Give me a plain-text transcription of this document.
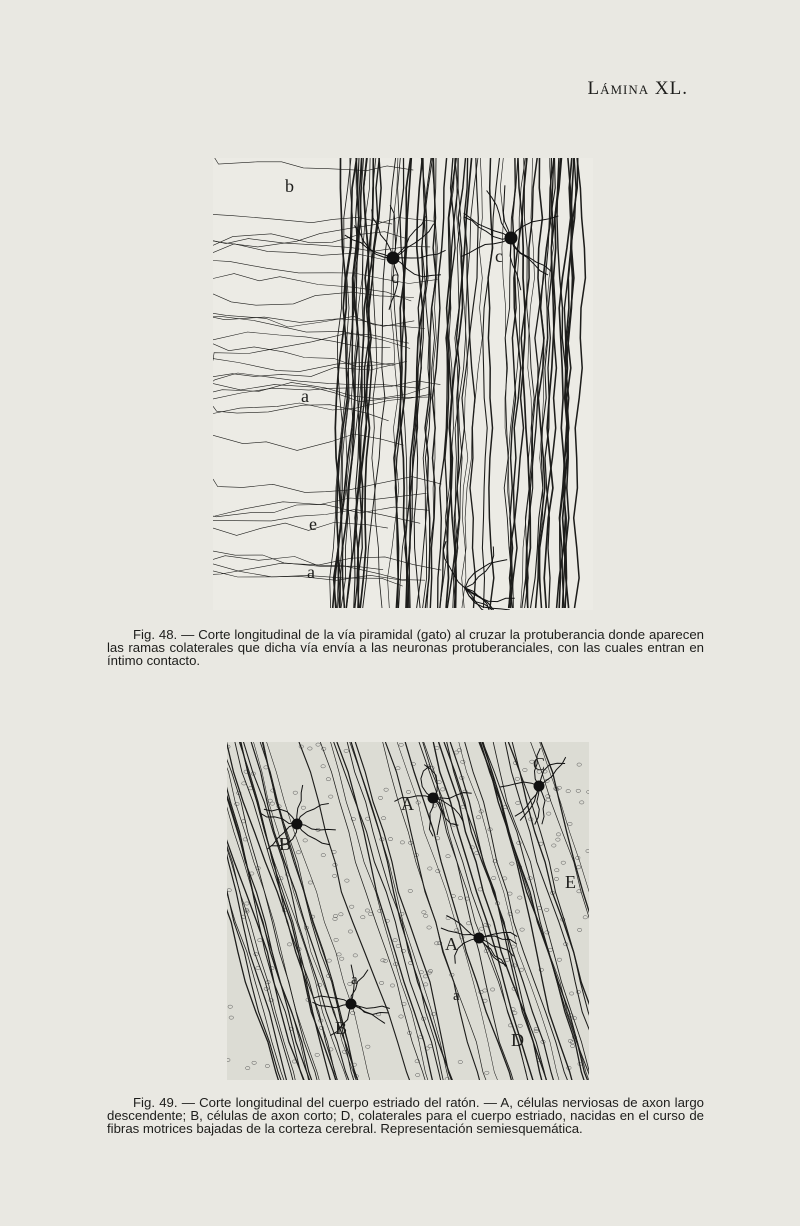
Lámina XL.
b
c
c
a
e
a
Fig. 48. — Corte longitudinal de la vía piramidal (gato) al cruzar la protuberancia donde aparecen las ramas colaterales que dicha vía envía a las neuronas protuberanciales, con las cuales entran en íntimo contacto.
A
B
C
E
A
a
a
B
D
Fig. 49. — Corte longitudinal del cuerpo estriado del ratón. — A, células nerviosas de axon largo descendente; B, células de axon corto; D, colaterales para el cuerpo estriado, nacidas en el curso de fibras motrices bajadas de la corteza cerebral. Representación semiesquemática.
